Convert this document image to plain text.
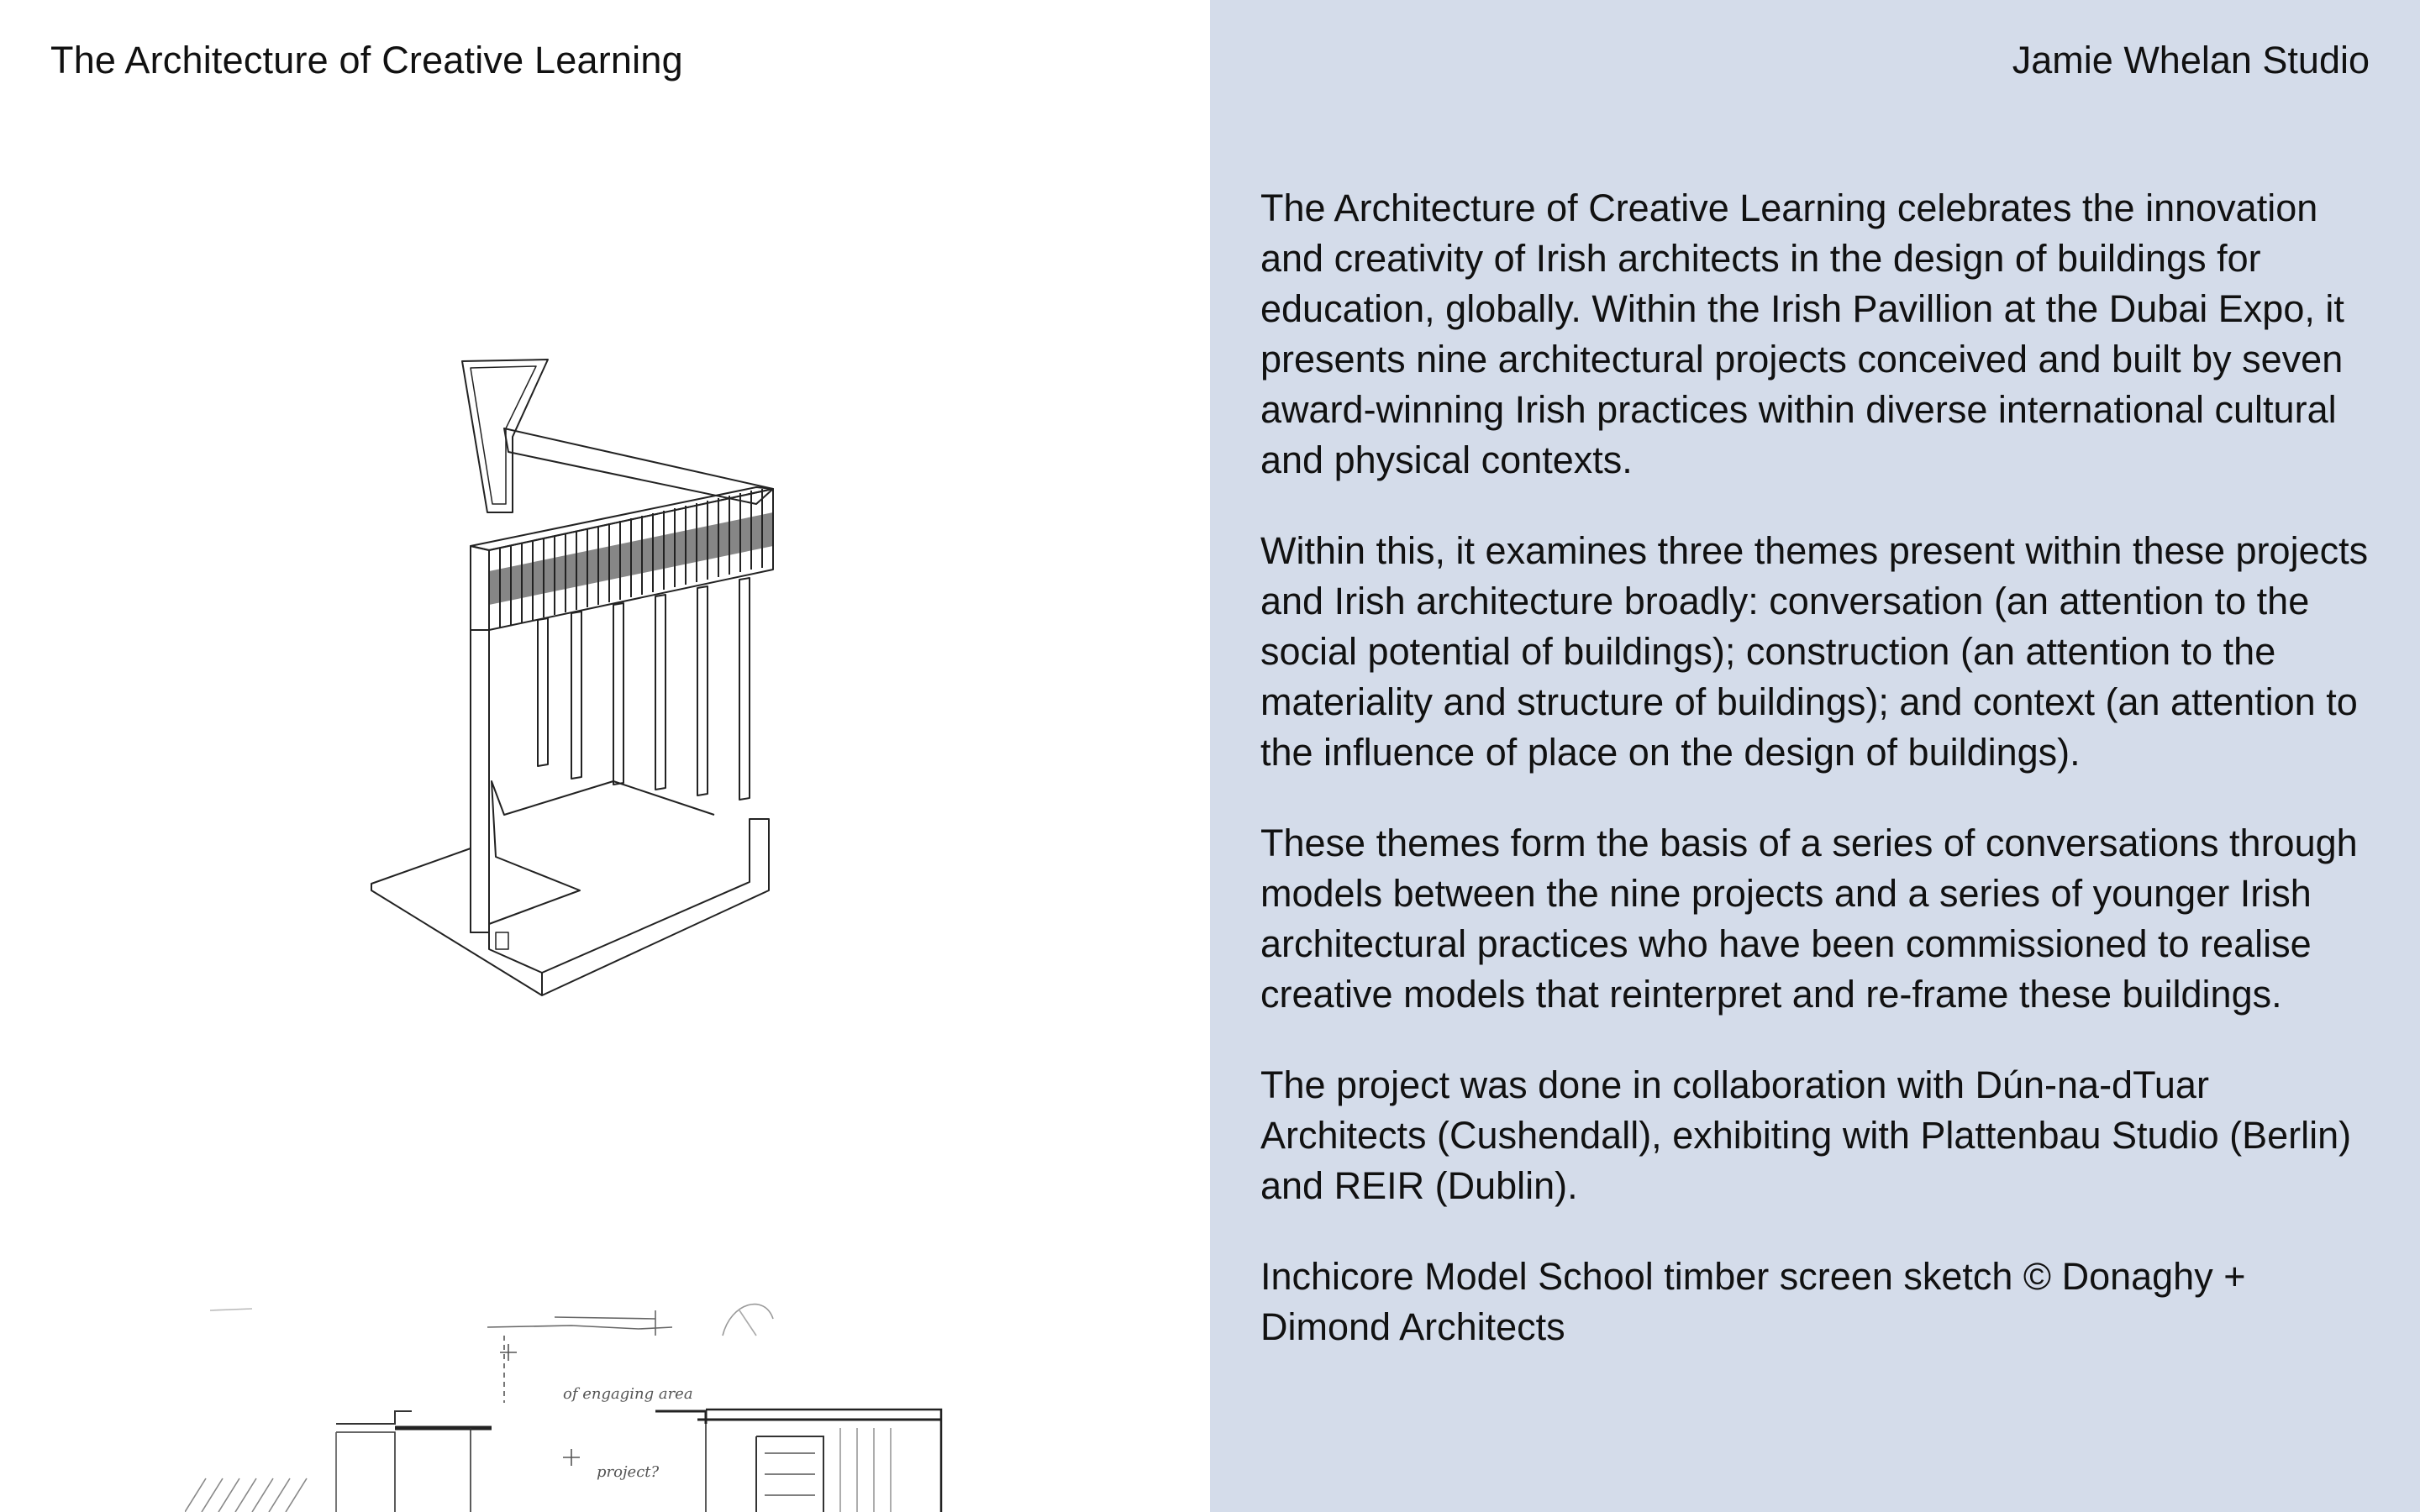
The Architecture of Creative Learning
of engaging area
project?
Jamie Whelan Studio

The Architecture of Creative Learning celebrates the innovation and creativity of Irish architects in the design of buildings for education, globally. Within the Irish Pavillion at the Dubai Expo, it presents nine architectural projects conceived and built by seven award-winning Irish practices within diverse international cultural and physical contexts.

Within this, it examines three themes present within these projects and Irish architecture broadly: conversation (an attention to the social potential of buildings); construction (an attention to the materiality and structure of buildings); and context (an attention to the influence of place on the design of buildings).

These themes form the basis of a series of conversations through models between the nine projects and a series of younger Irish architectural practices who have been commissioned to realise creative models that reinterpret and re-frame these buildings.

The project was done in collaboration with Dún-na-dTuar Architects (Cushendall), exhibiting with Plattenbau Studio (Berlin) and REIR (Dublin).

Inchicore Model School timber screen sketch © Donaghy + Dimond Architects
